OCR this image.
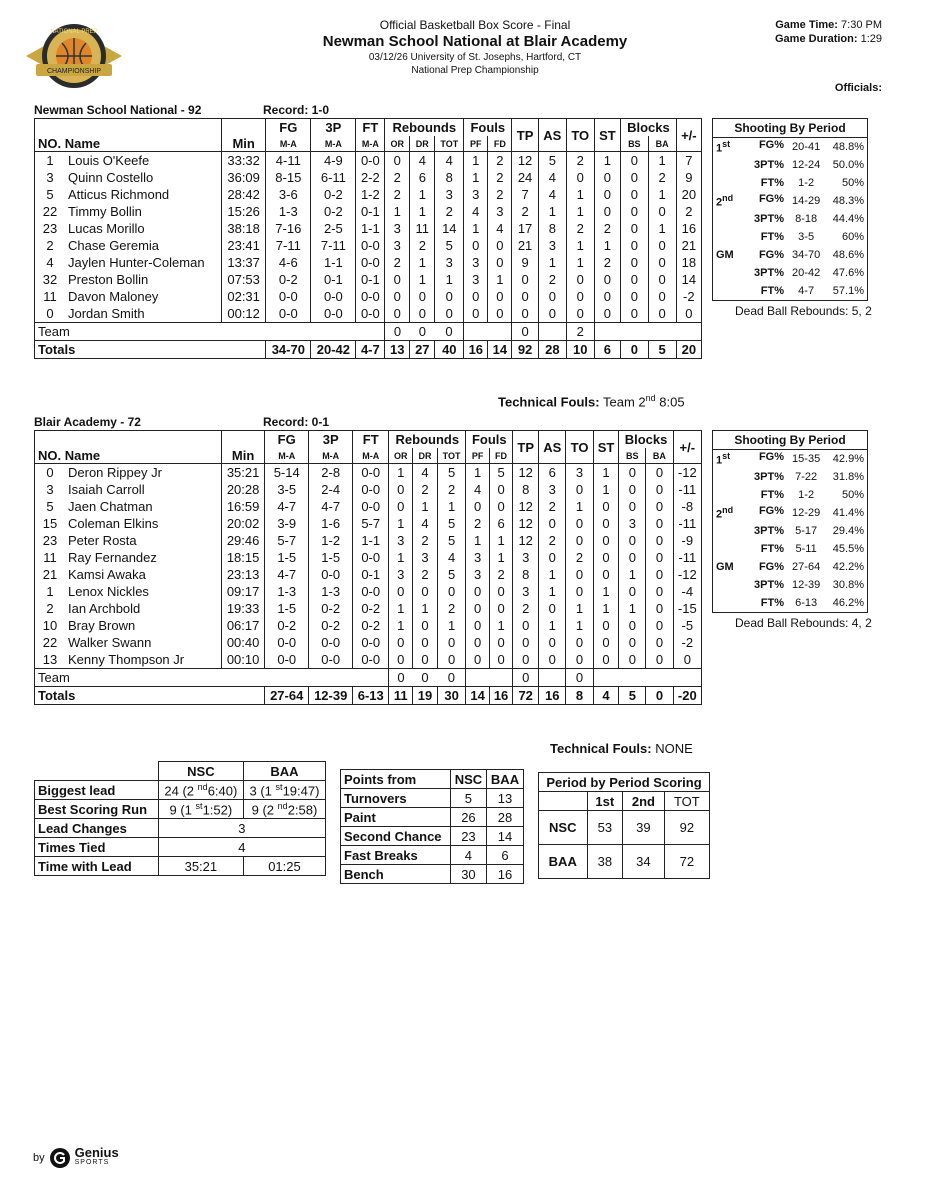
CHAMPIONSHIP
NATIONAL PREP	Official Basketball Box Score - Final
Newman School National at Blair Academy
03/12/26 University of St. Josephs, Hartford, CT
National Prep Championship
Game Time: 7:30 PM
Game Duration: 1:29
Officials:
Newman School National - 92	Record: 1-0
			FG	3P	FT	Rebounds			Fouls		TP	AS	TO	ST	Blocks		+/-
NO. Name		Min	M-A	M-A	M-A	OR	DR	TOT	PF	FD					BS	BA	
1	Louis O'Keefe	33:32	4-11	4-9	0-0	0	4	4	1	2	12	5	2	1	0	1	7
3	Quinn Costello	36:09	8-15	6-11	2-2	2	6	8	1	2	24	4	0	0	0	2	9
5	Atticus Richmond	28:42	3-6	0-2	1-2	2	1	3	3	2	7	4	1	0	0	1	20
22	Timmy Bollin	15:26	1-3	0-2	0-1	1	1	2	4	3	2	1	1	0	0	0	2
23	Lucas Morillo	38:18	7-16	2-5	1-1	3	11	14	1	4	17	8	2	2	0	1	16
2	Chase Geremia	23:41	7-11	7-11	0-0	3	2	5	0	0	21	3	1	1	0	0	21
4	Jaylen Hunter-Coleman	13:37	4-6	1-1	0-0	2	1	3	3	0	9	1	1	2	0	0	18
32	Preston Bollin	07:53	0-2	0-1	0-1	0	1	1	3	1	0	2	0	0	0	0	14
11	Davon Maloney	02:31	0-0	0-0	0-0	0	0	0	0	0	0	0	0	0	0	0	-2
0	Jordan Smith	00:12	0-0	0-0	0-0	0	0	0	0	0	0	0	0	0	0	0	0
Team						0	0	0			0		2				
Totals			34-70	20-42	4-7	13	27	40	16	14	92	28	10	6	0	5	20
Shooting By Period		

1st FG%	20-41	48.8%
3PT%	12-24	50.0%
FT%	1-2	50%

2nd FG%	14-29	48.3%
3PT%	8-18	44.4%
FT%	3-5	60%

GM FG%	34-70	48.6%
3PT%	20-42	47.6%
FT%	4-7	57.1%
Dead Ball Rebounds: 5, 2
Technical Fouls: Team 2nd 8:05
Blair Academy - 72	Record: 0-1
			FG	3P	FT	Rebounds			Fouls		TP	AS	TO	ST	Blocks		+/-
NO. Name		Min	M-A	M-A	M-A	OR	DR	TOT	PF	FD					BS	BA	
0	Deron Rippey Jr	35:21	5-14	2-8	0-0	1	4	5	1	5	12	6	3	1	0	0	-12
3	Isaiah Carroll	20:28	3-5	2-4	0-0	0	2	2	4	0	8	3	0	1	0	0	-11
5	Jaen Chatman	16:59	4-7	4-7	0-0	0	1	1	0	0	12	2	1	0	0	0	-8
15	Coleman Elkins	20:02	3-9	1-6	5-7	1	4	5	2	6	12	0	0	0	3	0	-11
23	Peter Rosta	29:46	5-7	1-2	1-1	3	2	5	1	1	12	2	0	0	0	0	-9
11	Ray Fernandez	18:15	1-5	1-5	0-0	1	3	4	3	1	3	0	2	0	0	0	-11
21	Kamsi Awaka	23:13	4-7	0-0	0-1	3	2	5	3	2	8	1	0	0	1	0	-12
1	Lenox Nickles	09:17	1-3	1-3	0-0	0	0	0	0	0	3	1	0	1	0	0	-4
2	Ian Archbold	19:33	1-5	0-2	0-2	1	1	2	0	0	2	0	1	1	1	0	-15
10	Bray Brown	06:17	0-2	0-2	0-2	1	0	1	0	1	0	1	1	0	0	0	-5
22	Walker Swann	00:40	0-0	0-0	0-0	0	0	0	0	0	0	0	0	0	0	0	-2
13	Kenny Thompson Jr	00:10	0-0	0-0	0-0	0	0	0	0	0	0	0	0	0	0	0	0
Team						0	0	0			0		0				
Totals			27-64	12-39	6-13	11	19	30	14	16	72	16	8	4	5	0	-20
Shooting By Period		

1st FG%	15-35	42.9%
3PT%	7-22	31.8%
FT%	1-2	50%

2nd FG%	12-29	41.4%
3PT%	5-17	29.4%
FT%	5-11	45.5%

GM FG%	27-64	42.2%
3PT%	12-39	30.8%
FT%	6-13	46.2%
Dead Ball Rebounds: 4, 2
Technical Fouls: NONE
	NSC	BAA
Biggest lead	24 (2 $^{nd}$6:40)	3 (1 $^{st}$19:47)
Best Scoring Run	9 (1 $^{st}$1:52)	9 (2 $^{nd}$2:58)
Lead Changes	3	
Times Tied	4	
Time with Lead	35:21	01:25
Points from	NSC	BAA
Turnovers	5	13
Paint	26	28
Second Chance	23	14
Fast Breaks	4	6
Bench	30	16
Period by Period Scoring			
	1st	2nd	TOT
NSC	53	39	92
BAA	38	34	72
by Genius
SPORTS
